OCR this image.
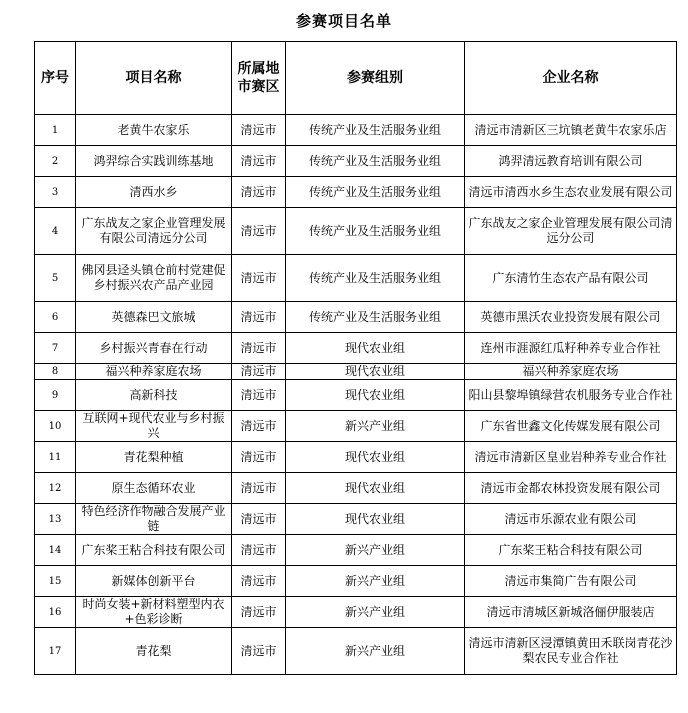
参赛项目名单
序号	项目名称	所属地市赛区	参赛组别	企业名称
1	老黄牛农家乐	清远市	传统产业及生活服务业组	清远市清新区三坑镇老黄牛农家乐店
2	鸿羿综合实践训练基地	清远市	传统产业及生活服务业组	鸿羿清远教育培训有限公司
3	清西水乡	清远市	传统产业及生活服务业组	清远市清西水乡生态农业发展有限公司
4	广东战友之家企业管理发展有限公司清远分公司	清远市	传统产业及生活服务业组	广东战友之家企业管理发展有限公司清远分公司
5	佛冈县迳头镇仓前村党建促 乡村振兴农产品产业园	清远市	传统产业及生活服务业组	广东清竹生态农产品有限公司
6	英德森巴文旅城	清远市	传统产业及生活服务业组	英德市黑沃农业投资发展有限公司
7	乡村振兴青春在行动	清远市	现代农业组	连州市涯源红瓜籽种养专业合作社
8	福兴种养家庭农场	清远市	现代农业组	福兴种养家庭农场
9	高新科技	清远市	现代农业组	阳山县黎埠镇绿营农机服务专业合作社
10	互联网+现代农业与乡村振兴	清远市	新兴产业组	广东省世鑫文化传媒发展有限公司
11	青花梨种植	清远市	现代农业组	清远市清新区皇业岩种养专业合作社
12	原生态循环农业	清远市	现代农业组	清远市金都农林投资发展有限公司
13	特色经济作物融合发展产业链	清远市	现代农业组	清远市乐源农业有限公司
14	广东桨王粘合科技有限公司	清远市	新兴产业组	广东桨王粘合科技有限公司
15	新媒体创新平台	清远市	新兴产业组	清远市集简广告有限公司
16	时尚女装+新材料塑型内衣+色彩诊断	清远市	新兴产业组	清远市清城区新城洛俪伊服装店
17	青花梨	清远市	新兴产业组	清远市清新区浸潭镇黄田禾联岗青花沙梨农民专业合作社
